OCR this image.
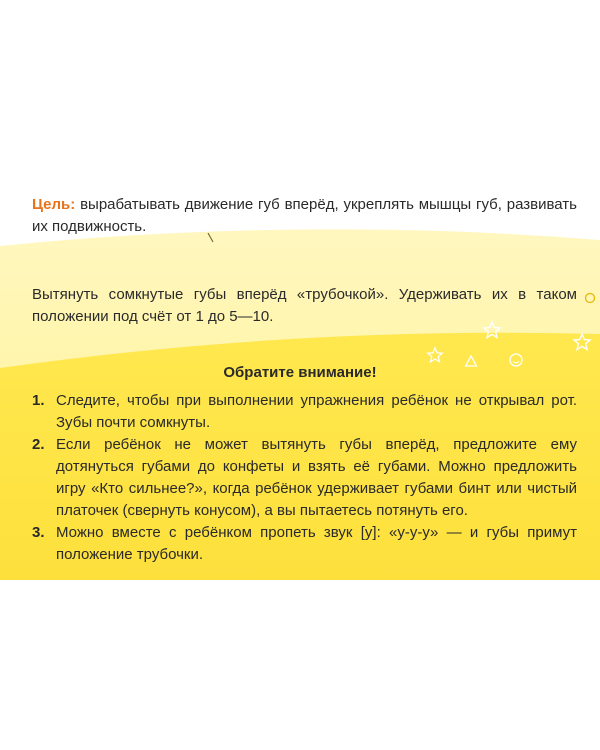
Цель: вырабатывать движение губ вперёд, укреплять мышцы губ, развивать их подвижность.

Вытянуть сомкнутые губы вперёд «трубочкой». Удерживать их в таком положении под счёт от 1 до 5—10.

Обратите внимание!

1. Следите, чтобы при выполнении упражнения ребёнок не открывал рот. Зубы почти сомкнуты.
2. Если ребёнок не может вытянуть губы вперёд, предложите ему дотянуться губами до конфеты и взять её губами. Можно предложить игру «Кто сильнее?», когда ребёнок удерживает губами бинт или чистый платочек (свернуть конусом), а вы пытаетесь потянуть его.
3. Можно вместе с ребёнком пропеть звук [у]: «у-у-у» — и губы примут положение трубочки.
